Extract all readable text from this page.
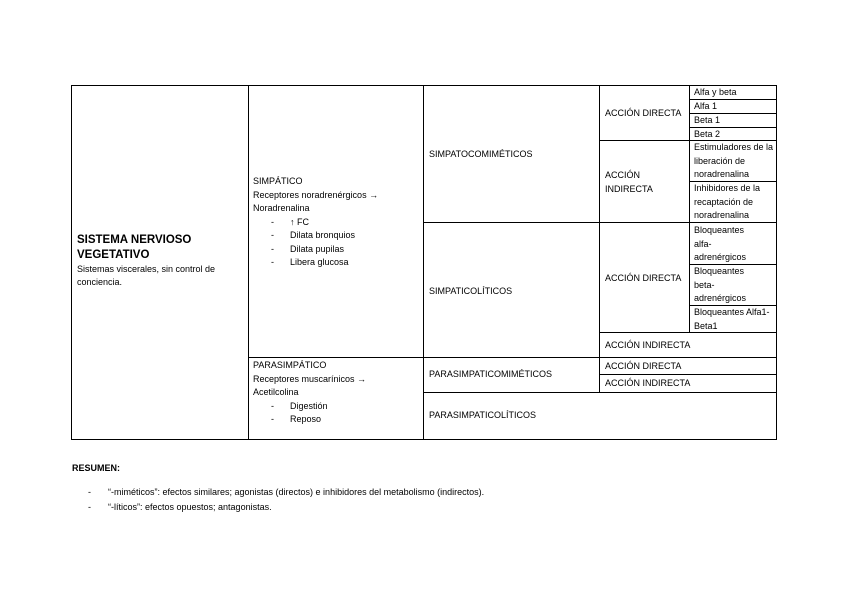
SISTEMA NERVIOSO VEGETATIVO
Sistemas viscerales, sin control de conciencia.
SIMPÁTICO
Receptores noradrenérgicos →
Noradrenalina
- ↑ FC
- Dilata bronquios
- Dilata pupilas
- Libera glucosa
PARASIMPÁTICO
Receptores muscarínicos →
Acetilcolina
- Digestión
- Reposo
SIMPATOCOMIMÉTICOS
SIMPATICOLÍTICOS
PARASIMPATICOMIMÉTICOS
PARASIMPATICOLÍTICOS
ACCIÓN DIRECTA
ACCIÓN INDIRECTA
ACCIÓN DIRECTA
ACCIÓN INDIRECTA
ACCIÓN DIRECTA
ACCIÓN INDIRECTA
Alfa y beta
Alfa 1
Beta 1
Beta 2
Estimuladores de la liberación de noradrenalina
Inhibidores de la recaptación de noradrenalina
Bloqueantes alfa-adrenérgicos
Bloqueantes beta-adrenérgicos
Bloqueantes Alfa1-Beta1
RESUMEN:
- “-miméticos”: efectos similares; agonistas (directos) e inhibidores del metabolismo (indirectos).
- “-líticos”: efectos opuestos; antagonistas.
